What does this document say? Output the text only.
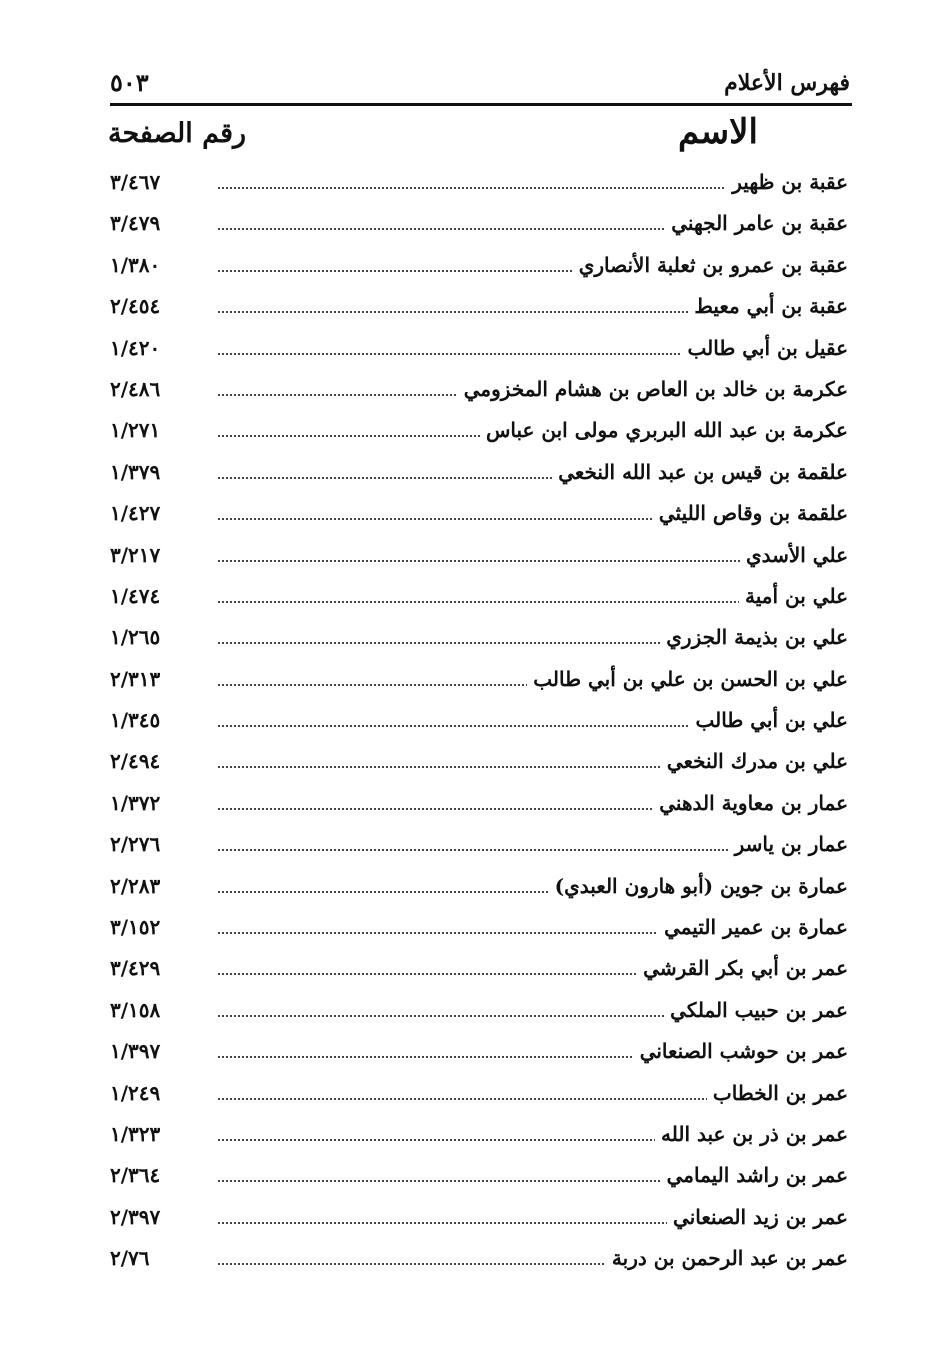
فهرس الأعلام
٥٠٣
الاسم
رقم الصفحة
عقبة بن ظهير
٣/٤٦٧
عقبة بن عامر الجهني
٣/٤٧٩
عقبة بن عمرو بن ثعلبة الأنصاري
١/٣٨٠
عقبة بن أبي معيط
٢/٤٥٤
عقيل بن أبي طالب
١/٤٢٠
عكرمة بن خالد بن العاص بن هشام المخزومي
٢/٤٨٦
عكرمة بن عبد الله البربري مولى ابن عباس
١/٢٧١
علقمة بن قيس بن عبد الله النخعي
١/٣٧٩
علقمة بن وقاص الليثي
١/٤٢٧
علي الأسدي
٣/٢١٧
علي بن أمية
١/٤٧٤
علي بن بذيمة الجزري
١/٢٦٥
علي بن الحسن بن علي بن أبي طالب
٢/٣١٣
علي بن أبي طالب
١/٣٤٥
علي بن مدرك النخعي
٢/٤٩٤
عمار بن معاوية الدهني
١/٣٧٢
عمار بن ياسر
٢/٢٧٦
عمارة بن جوين (أبو هارون العبدي)
٢/٢٨٣
عمارة بن عمير التيمي
٣/١٥٢
عمر بن أبي بكر القرشي
٣/٤٢٩
عمر بن حبيب الملكي
٣/١٥٨
عمر بن حوشب الصنعاني
١/٣٩٧
عمر بن الخطاب
١/٢٤٩
عمر بن ذر بن عبد الله
١/٣٢٣
عمر بن راشد اليمامي
٢/٣٦٤
عمر بن زيد الصنعاني
٢/٣٩٧
عمر بن عبد الرحمن بن دربة
٢/٧٦
